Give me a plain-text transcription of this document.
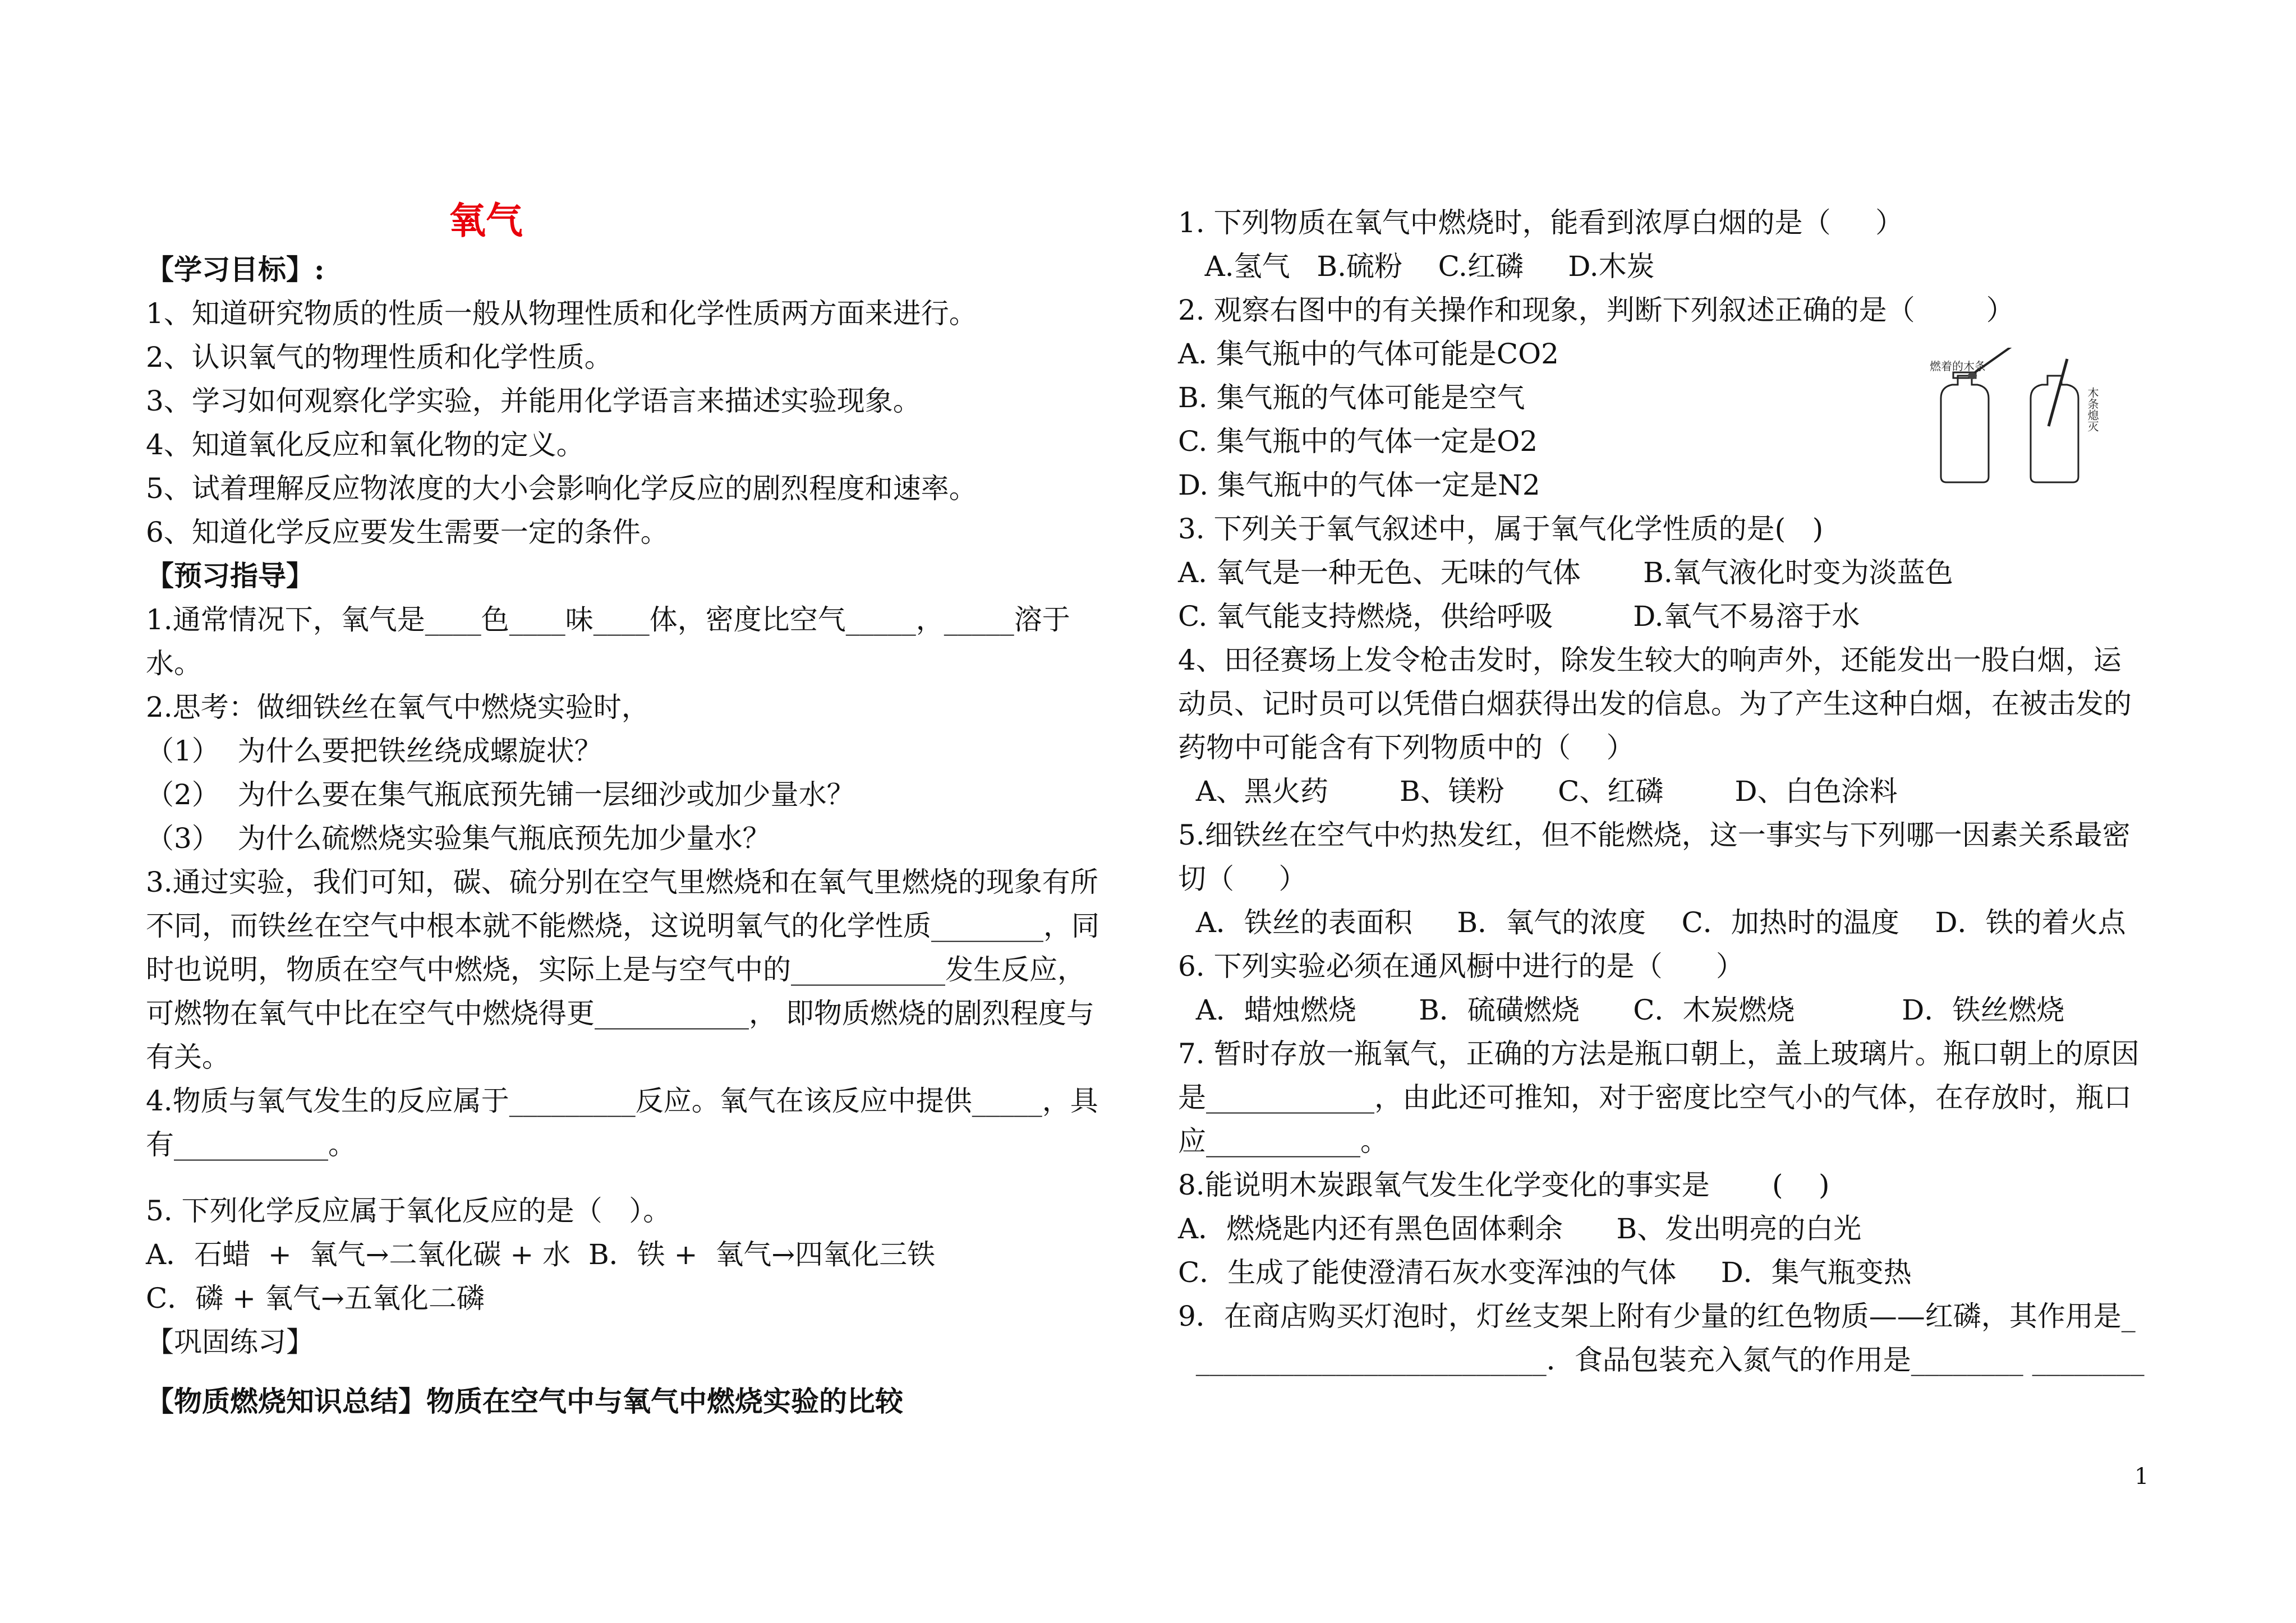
氧气
【学习目标】:
1、知道研究物质的性质一般从物理性质和化学性质两方面来进行。
2、认识氧气的物理性质和化学性质。
3、学习如何观察化学实验，并能用化学语言来描述实验现象。
4、知道氧化反应和氧化物的定义。
5、试着理解反应物浓度的大小会影响化学反应的剧烈程度和速率。
6、知道化学反应要发生需要一定的条件。
【预习指导】
1.通常情况下，氧气是____色____味____体，密度比空气_____，_____溶于
水。
2.思考：做细铁丝在氧气中燃烧实验时，
（1）  为什么要把铁丝绕成螺旋状？
（2）  为什么要在集气瓶底预先铺一层细沙或加少量水？
（3）  为什么硫燃烧实验集气瓶底预先加少量水？
3.通过实验，我们可知，碳、硫分别在空气里燃烧和在氧气里燃烧的现象有所
不同，而铁丝在空气中根本就不能燃烧，这说明氧气的化学性质________，同
时也说明，物质在空气中燃烧，实际上是与空气中的___________发生反应，
可燃物在氧气中比在空气中燃烧得更___________， 即物质燃烧的剧烈程度与
有关。
4.物质与氧气发生的反应属于_________反应。氧气在该反应中提供_____，具
有___________。
5. 下列化学反应属于氧化反应的是（   ）。
A．石蜡  +  氧气→二氧化碳 + 水  B．铁 +  氧气→四氧化三铁
C．磷 + 氧气→五氧化二磷
【巩固练习】
【物质燃烧知识总结】物质在空气中与氧气中燃烧实验的比较
1. 下列物质在氧气中燃烧时，能看到浓厚白烟的是（     ）
A.氢气   B.硫粉    C.红磷     D.木炭
2. 观察右图中的有关操作和现象，判断下列叙述正确的是（        ）
A. 集气瓶中的气体可能是CO2
B. 集气瓶的气体可能是空气
C. 集气瓶中的气体一定是O2
D. 集气瓶中的气体一定是N2
3. 下列关于氧气叙述中，属于氧气化学性质的是(   )
A. 氧气是一种无色、无味的气体       B.氧气液化时变为淡蓝色
C. 氧气能支持燃烧，供给呼吸         D.氧气不易溶于水
4、田径赛场上发令枪击发时，除发生较大的响声外，还能发出一股白烟，运
动员、记时员可以凭借白烟获得出发的信息。为了产生这种白烟，在被击发的
药物中可能含有下列物质中的（    ）
A、黑火药        B、镁粉      C、红磷        D、白色涂料
5.细铁丝在空气中灼热发红，但不能燃烧，这一事实与下列哪一因素关系最密
切（     ）
A．铁丝的表面积     B．氧气的浓度    C．加热时的温度    D．铁的着火点
6. 下列实验必须在通风橱中进行的是（      ）
A．蜡烛燃烧       B．硫磺燃烧      C．木炭燃烧            D．铁丝燃烧
7. 暂时存放一瓶氧气，正确的方法是瓶口朝上，盖上玻璃片。瓶口朝上的原因
是____________，由此还可推知，对于密度比空气小的气体，在存放时，瓶口
应___________。
8.能说明木炭跟氧气发生化学变化的事实是       (    )
A．燃烧匙内还有黑色固体剩余      B、发出明亮的白光
C．生成了能使澄清石灰水变浑浊的气体     D．集气瓶变热
9．在商店购买灯泡时，灯丝支架上附有少量的红色物质——红磷，其作用是_
_________________________．食品包装充入氮气的作用是________ ________
燃着的木条
木条熄灭
1
